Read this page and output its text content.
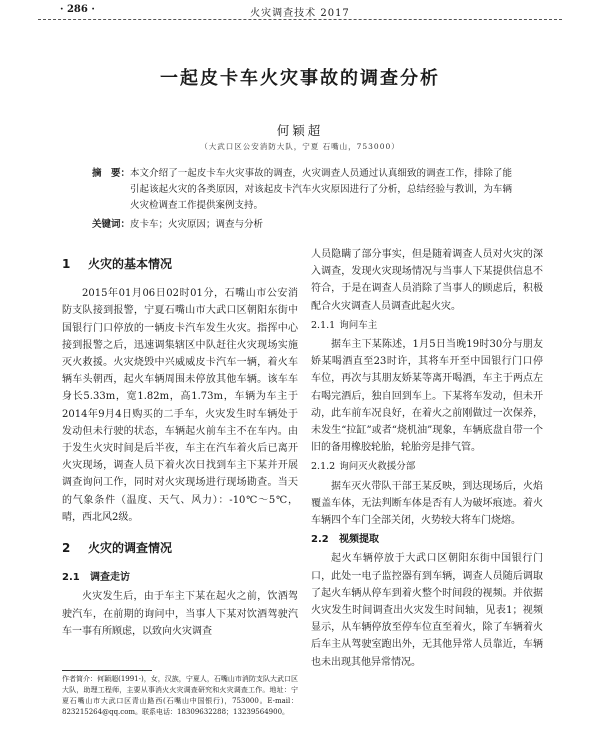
· 286 ·	火灾调查技术 2017
一起皮卡车火灾事故的调查分析
何颖超
（大武口区公安消防大队，宁夏 石嘴山，753000）
摘　要： 本文介绍了一起皮卡车火灾事故的调查，火灾调查人员通过认真细致的调查工作，排除了能引起该起火灾的各类原因，对该起皮卡汽车火灾原因进行了分析，总结经验与教训，为车辆火灾检调查工作提供案例支持。
关键词：皮卡车；火灾原因；调查与分析
1 火灾的基本情况

2015年01月06日02时01分，石嘴山市公安消防支队接到报警，宁夏石嘴山市大武口区朝阳东街中国银行门口停放的一辆皮卡汽车发生火灾。指挥中心接到报警之后，迅速调集辖区中队赶往火灾现场实施灭火救援。火灾烧毁中兴威威皮卡汽车一辆，着火车辆车头朝西，起火车辆周围未停放其他车辆。该车车身长5.33m，宽1.82m，高1.73m，车辆为车主于2014年9月4日购买的二手车，火灾发生时车辆处于发动但未行驶的状态，车辆起火前车主不在车内。由于发生火灾时间是后半夜，车主在汽车着火后已离开火灾现场，调查人员下着火次日找到车主下某并开展调查询问工作，同时对火灾现场进行现场勘查。当天的气象条件（温度、天气、风力）：-10℃～5℃，晴，西北风2级。

2 火灾的调查情况
2.1 调查走访

火灾发生后，由于车主下某在起火之前，饮酒驾驶汽车，在前期的询问中，当事人下某对饮酒驾驶汽车一事有所顾虑，以致向火灾调查

人员隐瞒了部分事实，但是随着调查人员对火灾的深入调查，发现火灾现场情况与当事人下某提供信息不符合，于是在调查人员消除了当事人的顾虑后，积极配合火灾调查人员调查此起火灾。

2.1.1 询问车主

据车主下某陈述，1月5日当晚19时30分与朋友娇某喝酒直至23时许，其将车开至中国银行门口停车位，再次与其朋友娇某等离开喝酒，车主于两点左右喝完酒后，独自回到车上。下某将车发动，但未开动，此车前车况良好，在着火之前刚做过一次保养，未发生“拉缸”或者“烧机油”现象，车辆底盘自带一个旧的备用橡胶轮胎，轮胎旁是排气管。

2.1.2 询问灭火救援分部

据车灭火带队干部王某反映，到达现场后，火焰覆盖车体，无法判断车体是否有人为破坏痕迹。着火车辆四个车门全部关闭，火势较大将车门烧熔。

2.2 视频提取

起火车辆停放于大武口区朝阳东街中国银行门口，此处一电子监控器有到车辆，调查人员随后调取了起火车辆从停车到着火整个时间段的视频。并依据火灾发生时间调查出火灾发生时间轴，见表1；视频显示，从车辆停放至停车位直至着火，除了车辆着火后车主从驾驶室跑出外，无其他异常人员靠近，车辆也未出现其他异常情况。

作者简介：何颖超(1991-)，女，汉族，宁夏人，石嘴山市消防支队大武口区大队，助理工程师，主要从事消火火灾调查研究和火灾调查工作。地址：宁夏石嘴山市大武口区青山路西(石嘴山中国银行)，753000。E-mail：823215264@qq.com。联系电话：18309632288；13239564900。
